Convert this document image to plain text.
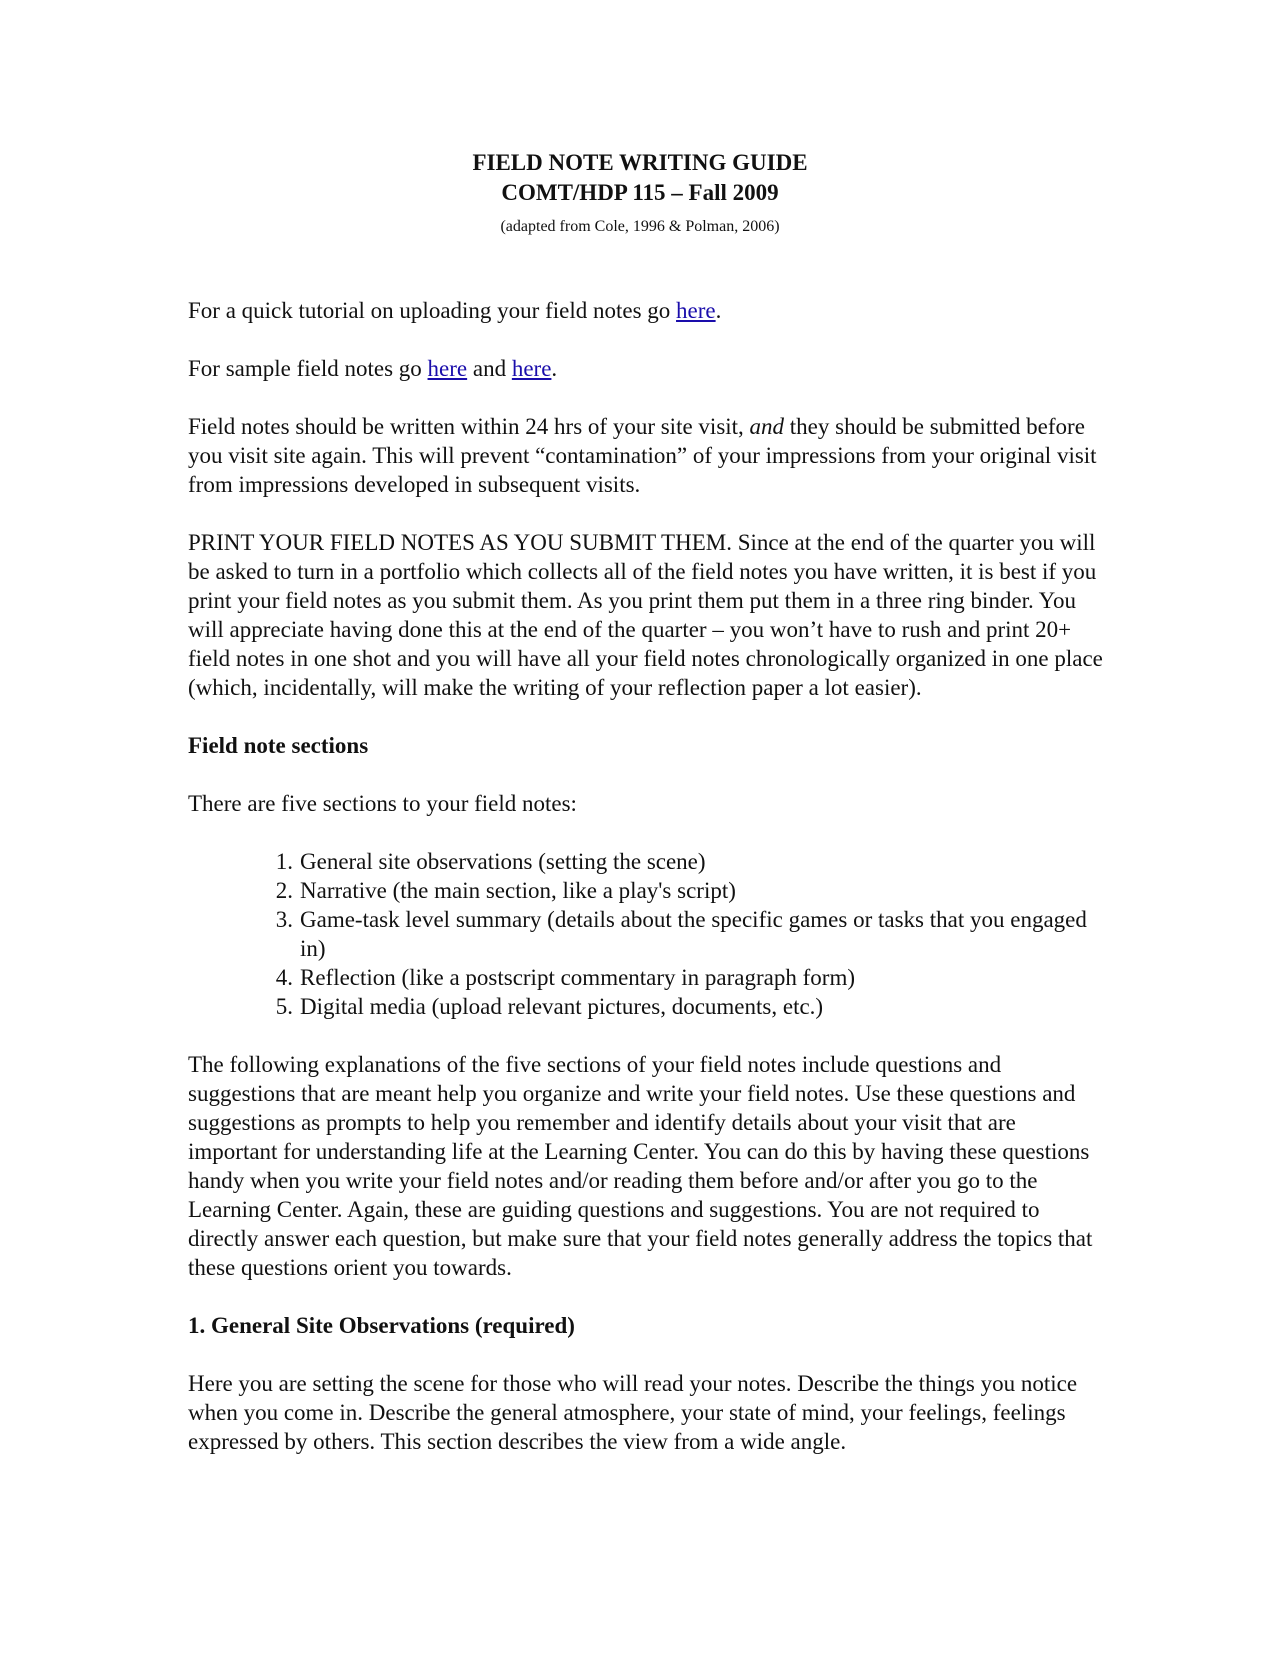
FIELD NOTE WRITING GUIDE
COMT/HDP 115 – Fall 2009
(adapted from Cole, 1996 & Polman, 2006)

For a quick tutorial on uploading your field notes go here.

For sample field notes go here and here.

Field notes should be written within 24 hrs of your site visit, and they should be submitted before you visit site again. This will prevent “contamination” of your impressions from your original visit from impressions developed in subsequent visits.

PRINT YOUR FIELD NOTES AS YOU SUBMIT THEM. Since at the end of the quarter you will be asked to turn in a portfolio which collects all of the field notes you have written, it is best if you print your field notes as you submit them. As you print them put them in a three ring binder. You will appreciate having done this at the end of the quarter – you won’t have to rush and print 20+ field notes in one shot and you will have all your field notes chronologically organized in one place (which, incidentally, will make the writing of your reflection paper a lot easier).

Field note sections

There are five sections to your field notes:

1. General site observations (setting the scene)
2. Narrative (the main section, like a play's script)
3. Game-task level summary (details about the specific games or tasks that you engaged in)
4. Reflection (like a postscript commentary in paragraph form)
5. Digital media (upload relevant pictures, documents, etc.)

The following explanations of the five sections of your field notes include questions and suggestions that are meant help you organize and write your field notes. Use these questions and suggestions as prompts to help you remember and identify details about your visit that are important for understanding life at the Learning Center. You can do this by having these questions handy when you write your field notes and/or reading them before and/or after you go to the Learning Center. Again, these are guiding questions and suggestions. You are not required to directly answer each question, but make sure that your field notes generally address the topics that these questions orient you towards.

1. General Site Observations (required)

Here you are setting the scene for those who will read your notes. Describe the things you notice when you come in. Describe the general atmosphere, your state of mind, your feelings, feelings expressed by others. This section describes the view from a wide angle.
